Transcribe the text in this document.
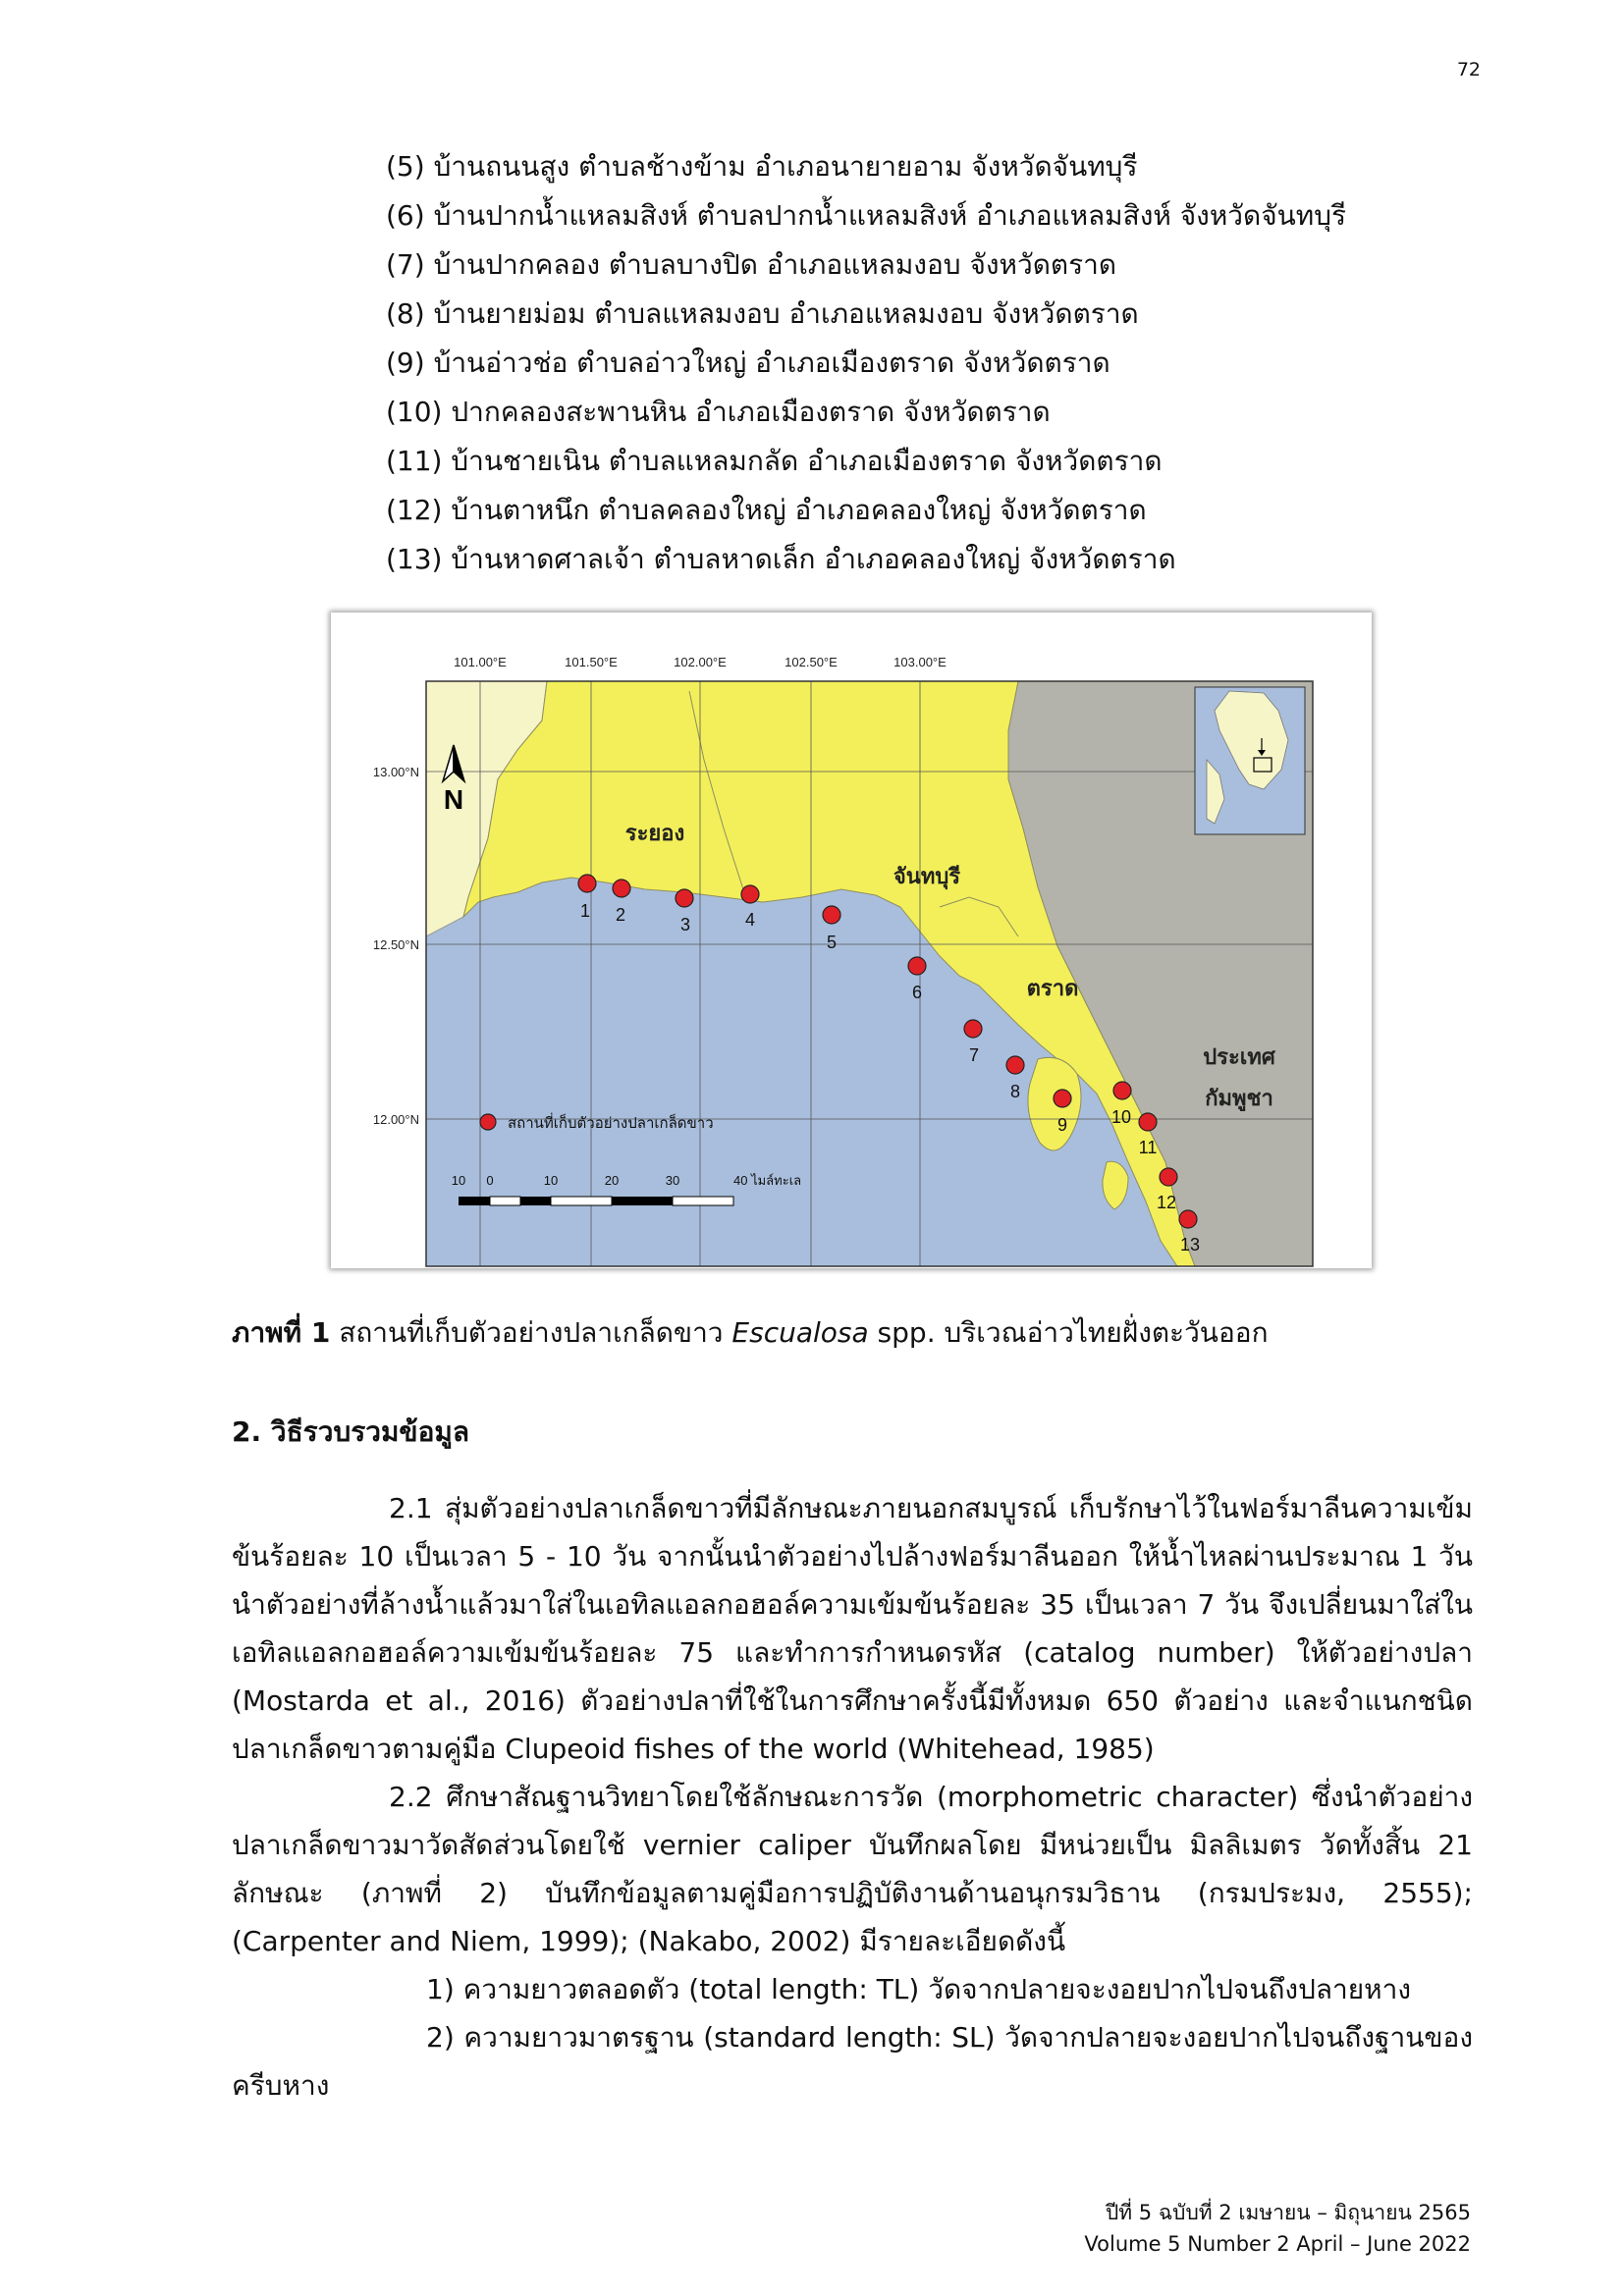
72
(5) บ้านถนนสูง ตำบลช้างข้าม อำเภอนายายอาม จังหวัดจันทบุรี
(6) บ้านปากน้ำแหลมสิงห์ ตำบลปากน้ำแหลมสิงห์ อำเภอแหลมสิงห์ จังหวัดจันทบุรี
(7) บ้านปากคลอง ตำบลบางปิด อำเภอแหลมงอบ จังหวัดตราด
(8) บ้านยายม่อม ตำบลแหลมงอบ อำเภอแหลมงอบ จังหวัดตราด
(9) บ้านอ่าวช่อ ตำบลอ่าวใหญ่ อำเภอเมืองตราด จังหวัดตราด
(10) ปากคลองสะพานหิน อำเภอเมืองตราด จังหวัดตราด
(11) บ้านชายเนิน ตำบลแหลมกลัด อำเภอเมืองตราด จังหวัดตราด
(12) บ้านตาหนึก ตำบลคลองใหญ่ อำเภอคลองใหญ่ จังหวัดตราด
(13) บ้านหาดศาลเจ้า ตำบลหาดเล็ก อำเภอคลองใหญ่ จังหวัดตราด
101.00°E	101.50°E	102.00°E	102.50°E	103.00°E
13.00°N
12.50°N
12.00°N
N
ระยอง
จันทบุรี
ตราด
ประเทศ
กัมพูชา
1 2	3	4
5
6
7
8
9 10
11
12
13
สถานที่เก็บตัวอย่างปลาเกล็ดขาว
10 0	10	20	30	40 ไมล์ทะเล
ภาพที่ 1 สถานที่เก็บตัวอย่างปลาเกล็ดขาว Escualosa spp. บริเวณอ่าวไทยฝั่งตะวันออก
2. วิธีรวบรวมข้อมูล

2.1 สุ่มตัวอย่างปลาเกล็ดขาวที่มีลักษณะภายนอกสมบูรณ์ เก็บรักษาไว้ในฟอร์มาลีนความเข้มข้นร้อยละ 10 เป็นเวลา 5 - 10 วัน จากนั้นนำตัวอย่างไปล้างฟอร์มาลีนออก ให้น้ำไหลผ่านประมาณ 1 วัน นำตัวอย่างที่ล้างน้ำแล้วมาใส่ในเอทิลแอลกอฮอล์ความเข้มข้นร้อยละ 35 เป็นเวลา 7 วัน จึงเปลี่ยนมาใส่ในเอทิลแอลกอฮอล์ความเข้มข้นร้อยละ 75 และทำการกำหนดรหัส (catalog number) ให้ตัวอย่างปลา (Mostarda et al., 2016) ตัวอย่างปลาที่ใช้ในการศึกษาครั้งนี้มีทั้งหมด 650 ตัวอย่าง และจำแนกชนิดปลาเกล็ดขาวตามคู่มือ Clupeoid fishes of the world (Whitehead, 1985)

2.2 ศึกษาสัณฐานวิทยาโดยใช้ลักษณะการวัด (morphometric character) ซึ่งนำตัวอย่างปลาเกล็ดขาวมาวัดสัดส่วนโดยใช้ vernier caliper บันทึกผลโดย มีหน่วยเป็น มิลลิเมตร วัดทั้งสิ้น 21 ลักษณะ (ภาพที่ 2) บันทึกข้อมูลตามคู่มือการปฏิบัติงานด้านอนุกรมวิธาน (กรมประมง, 2555); (Carpenter and Niem, 1999); (Nakabo, 2002) มีรายละเอียดดังนี้

1) ความยาวตลอดตัว (total length: TL) วัดจากปลายจะงอยปากไปจนถึงปลายหาง

2) ความยาวมาตรฐาน (standard length: SL) วัดจากปลายจะงอยปากไปจนถึงฐานของครีบหาง

ปีที่ 5 ฉบับที่ 2 เมษายน – มิถุนายน 2565
Volume 5 Number 2 April – June 2022
